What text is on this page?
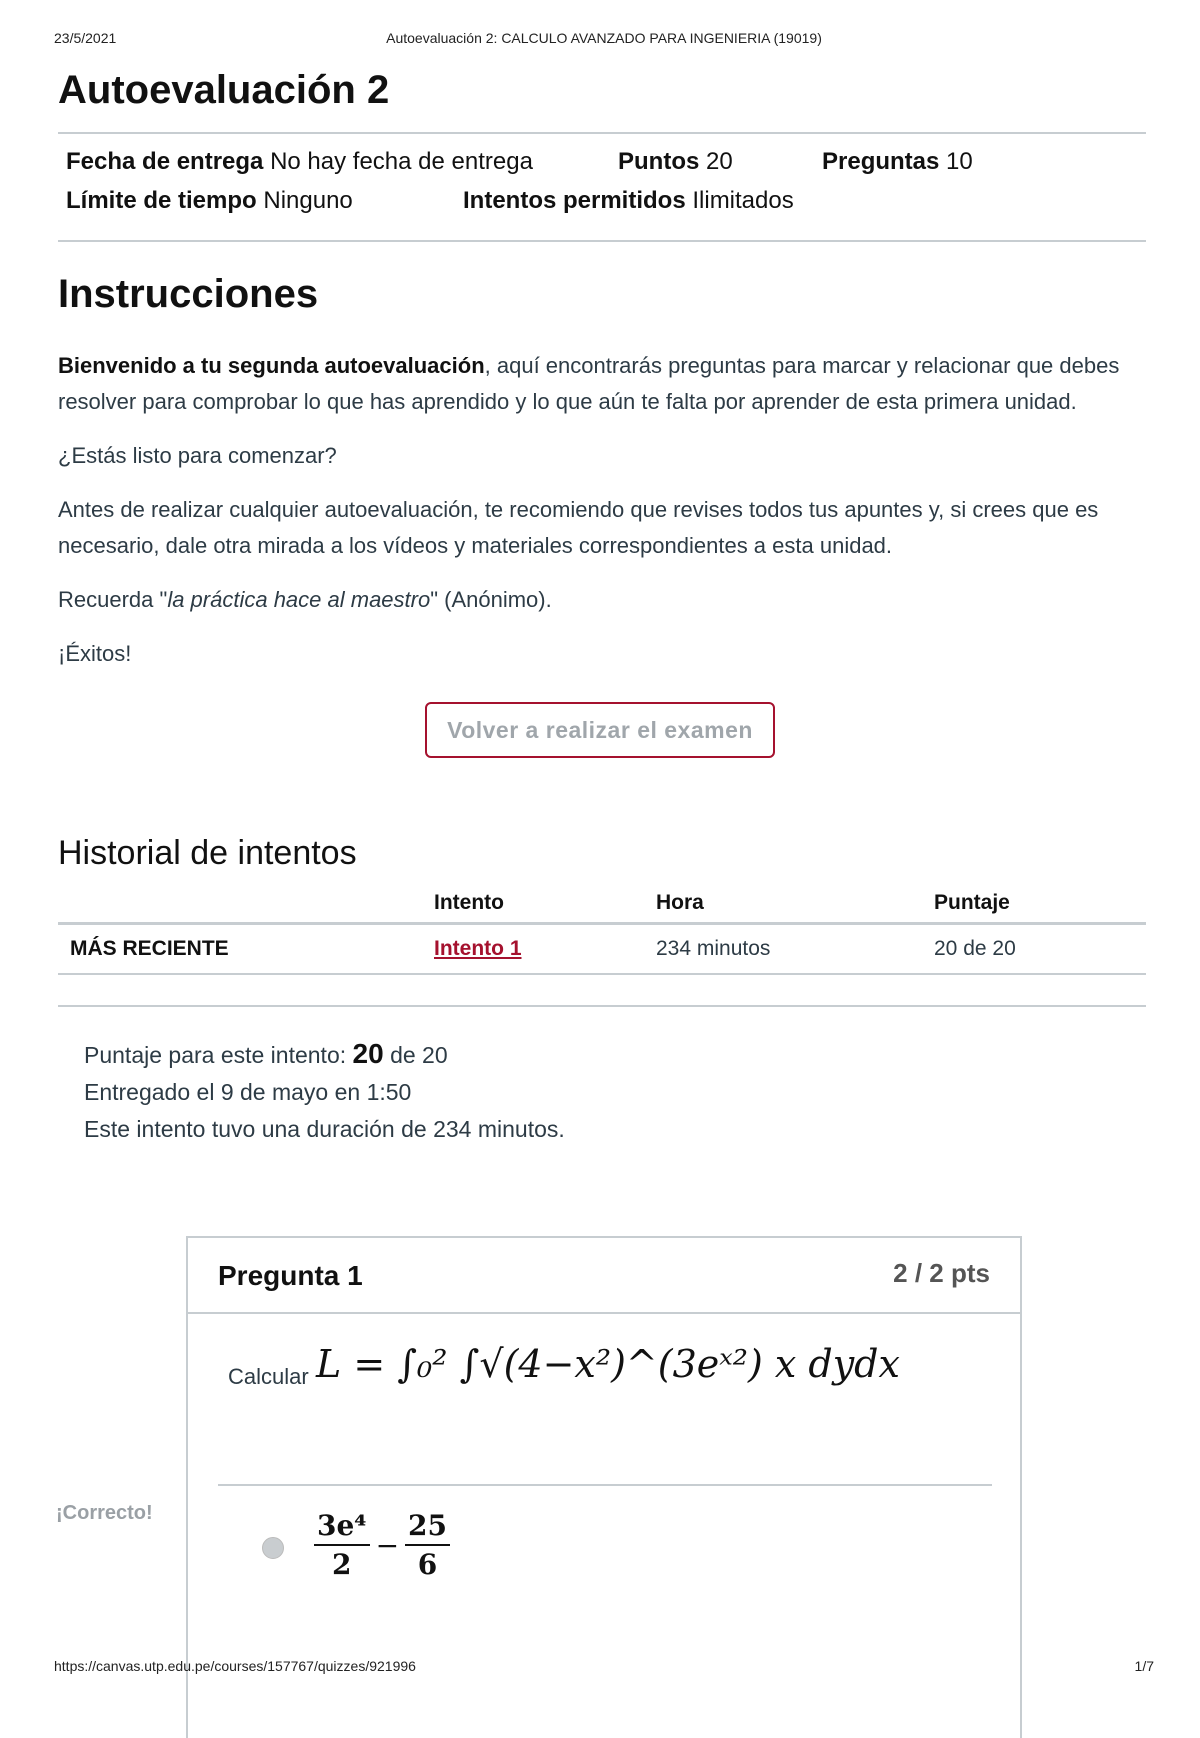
23/5/2021	Autoevaluación 2: CALCULO AVANZADO PARA INGENIERIA (19019)
Autoevaluación 2
Fecha de entrega No hay fecha de entrega	Puntos 20	Preguntas 10
Límite de tiempo Ninguno	Intentos permitidos Ilimitados
Instrucciones

Bienvenido a tu segunda autoevaluación, aquí encontrarás preguntas para marcar y relacionar que debes resolver para comprobar lo que has aprendido y lo que aún te falta por aprender de esta primera unidad.

¿Estás listo para comenzar?

Antes de realizar cualquier autoevaluación, te recomiendo que revises todos tus apuntes y, si crees que es necesario, dale otra mirada a los vídeos y materiales correspondientes a esta unidad.

Recuerda "la práctica hace al maestro" (Anónimo).

¡Éxitos!

Volver a realizar el examen
Historial de intentos
	Intento	Hora	Puntaje
MÁS RECIENTE	Intento 1	234 minutos	20 de 20
Puntaje para este intento: 20 de 20
Entregado el 9 de mayo en 1:50
Este intento tuvo una duración de 234 minutos.
¡Correcto!
Pregunta 1	2 / 2 pts
Calcular L = ∫₀² ∫√(4−x²)^(3eˣ²) x dydx
$\frac{\text{3e⁴}}{2} - \frac{25}{6}$
https://canvas.utp.edu.pe/courses/157767/quizzes/921996	1/7
